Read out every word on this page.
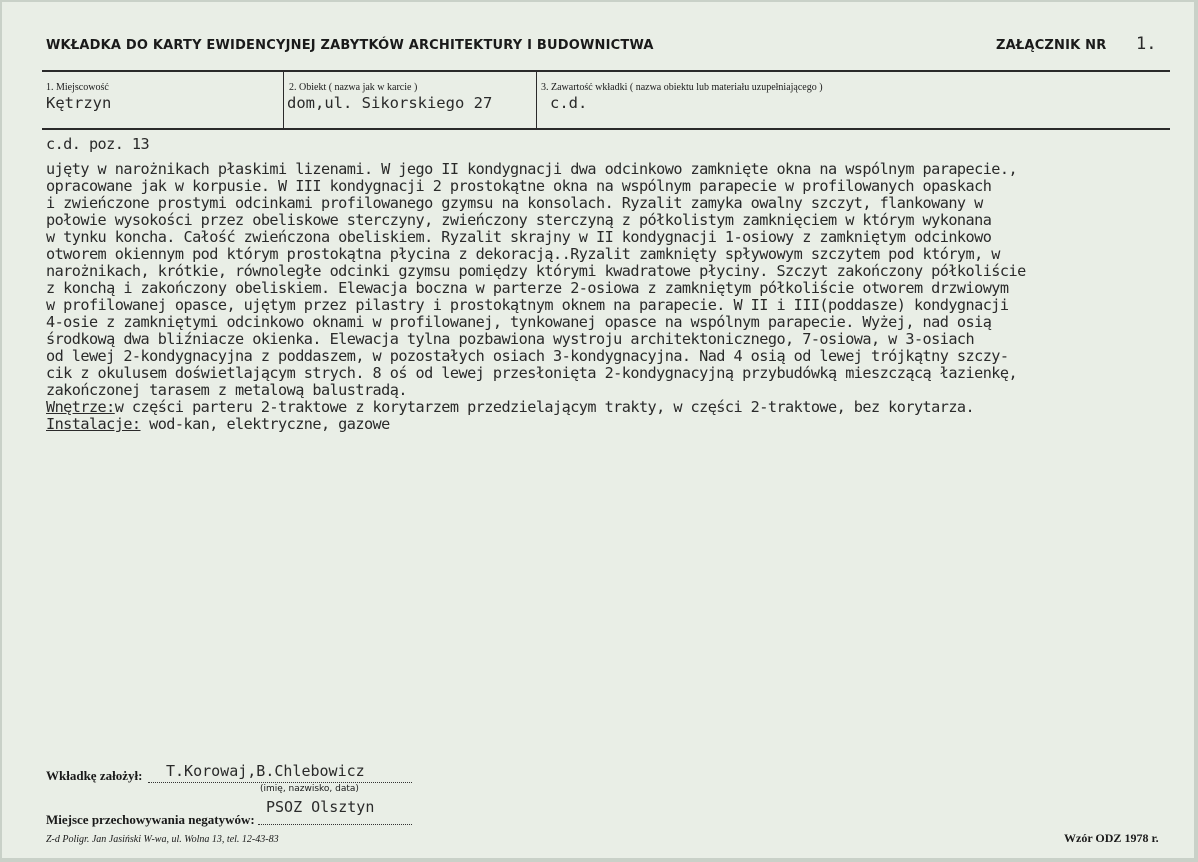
WKŁADKA DO KARTY EWIDENCYJNEJ ZABYTKÓW ARCHITEKTURY I BUDOWNICTWA	ZAŁĄCZNIK NR 1.
1. Miejscowość
Kętrzyn
2. Obiekt ( nazwa jak w karcie )
dom,ul. Sikorskiego 27
3. Zawartość wkładki ( nazwa obiektu lub materiału uzupełniającego )
c.d.
c.d. poz. 13
ujęty w narożnikach płaskimi lizenami. W jego II kondygnacji dwa odcinkowo zamknięte okna na wspólnym parapecie.,
opracowane jak w korpusie. W III kondygnacji 2 prostokątne okna na wspólnym parapecie w profilowanych opaskach
i zwieńczone prostymi odcinkami profilowanego gzymsu na konsolach. Ryzalit zamyka owalny szczyt, flankowany w
połowie wysokości przez obeliskowe sterczyny, zwieńczony sterczyną z półkolistym zamknięciem w którym wykonana
w tynku koncha. Całość zwieńczona obeliskiem. Ryzalit skrajny w II kondygnacji 1-osiowy z zamkniętym odcinkowo
otworem okiennym pod którym prostokątna płycina z dekoracją..Ryzalit zamknięty spływowym szczytem pod którym, w
narożnikach, krótkie, równoległe odcinki gzymsu pomiędzy którymi kwadratowe płyciny. Szczyt zakończony półkoliście
z konchą i zakończony obeliskiem. Elewacja boczna w parterze 2-osiowa z zamkniętym półkoliście otworem drzwiowym
w profilowanej opasce, ujętym przez pilastry i prostokątnym oknem na parapecie. W II i III(poddasze) kondygnacji
4-osie z zamkniętymi odcinkowo oknami w profilowanej, tynkowanej opasce na wspólnym parapecie. Wyżej, nad osią
środkową dwa bliźniacze okienka. Elewacja tylna pozbawiona wystroju architektonicznego, 7-osiowa, w 3-osiach
od lewej 2-kondygnacyjna z poddaszem, w pozostałych osiach 3-kondygnacyjna. Nad 4 osią od lewej trójkątny szczy-
cik z okulusem doświetlającym strych. 8 oś od lewej przesłonięta 2-kondygnacyjną przybudówką mieszczącą łazienkę,
zakończonej tarasem z metalową balustradą.
Wnętrze:w części parteru 2-traktowe z korytarzem przedzielającym trakty, w części 2-traktowe, bez korytarza.
Instalacje: wod-kan, elektryczne, gazowe
Wkładkę założył: T.Korowaj,B.Chlebowicz
(imię, nazwisko, data)
PSOZ Olsztyn
Miejsce przechowywania negatywów:
Z-d Poligr. Jan Jasiński W-wa, ul. Wolna 13, tel. 12-43-83	Wzór ODZ 1978 r.
